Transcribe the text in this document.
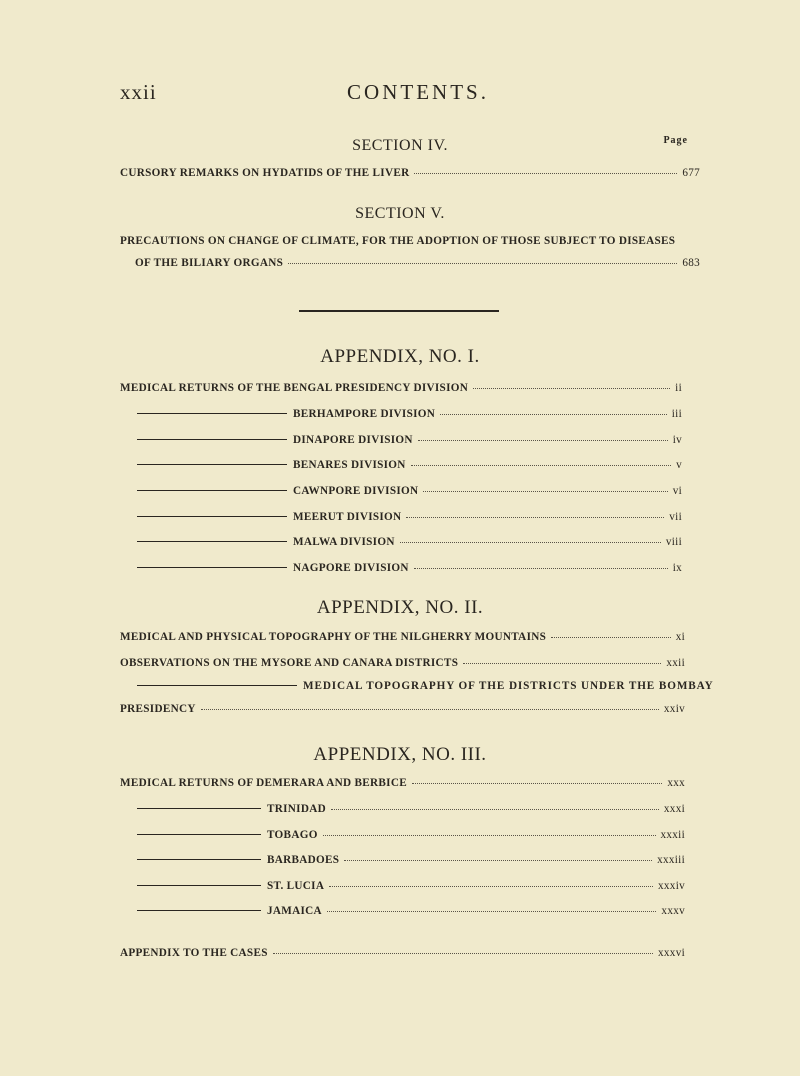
xxii	CONTENTS.
Page
SECTION IV.
CURSORY REMARKS ON HYDATIDS OF THE LIVER	677
SECTION V.
PRECAUTIONS ON CHANGE OF CLIMATE, FOR THE ADOPTION OF THOSE SUBJECT TO DISEASES
OF THE BILIARY ORGANS	683
APPENDIX, NO. I.
MEDICAL RETURNS OF THE BENGAL PRESIDENCY DIVISION	ii
BERHAMPORE DIVISION	iii
DINAPORE DIVISION	iv
BENARES DIVISION	v
CAWNPORE DIVISION	vi
MEERUT DIVISION	vii
MALWA DIVISION	viii
NAGPORE DIVISION	ix
APPENDIX, NO. II.
MEDICAL AND PHYSICAL TOPOGRAPHY OF THE NILGHERRY MOUNTAINS	xi
OBSERVATIONS ON THE MYSORE AND CANARA DISTRICTS	xxii
MEDICAL TOPOGRAPHY OF THE DISTRICTS UNDER THE BOMBAY
PRESIDENCY	xxiv
APPENDIX, NO. III.
MEDICAL RETURNS OF DEMERARA AND BERBICE	xxx
TRINIDAD	xxxi
TOBAGO	xxxii
BARBADOES	xxxiii
ST. LUCIA	xxxiv
JAMAICA	xxxv
APPENDIX TO THE CASES	xxxvi
